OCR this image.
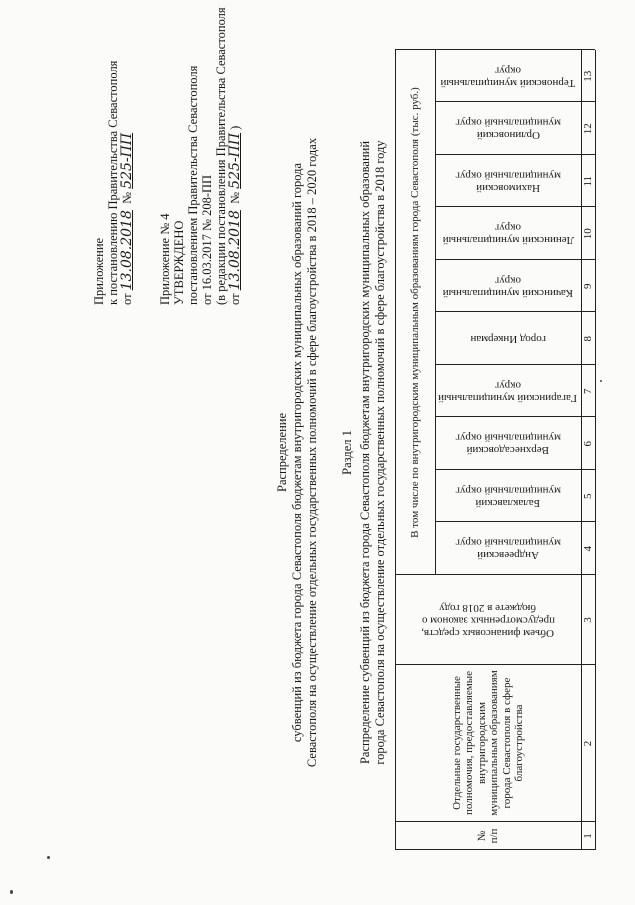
Приложение к постановлению Правительства Севастополя от 13.08.2018  № 525-ПП
Приложение № 4 УТВЕРЖДЕНО постановлением Правительства Севастополя от 16.03.2017 № 208-ПП (в редакции постановления Правительства Севастополя от 13.08.2018  № 525-ПП )
Распределение субвенций из бюджета города Севастополя бюджетам внутригородских муниципальных образований города Севастополя на осуществление отдельных государственных полномочий в сфере благоустройства в 2018 – 2020 годах Раздел 1 Распределение субвенций из бюджета города Севастополя бюджетам внутригородских муниципальных образований города Севастополя на осуществление отдельных государственных полномочий в сфере благоустройства в 2018 году
№
п/п
Отдельные государственные полномочия, предоставляемые внутригородским муниципальным образованиям города Севастополя в сфере благоустройства
Объем финансовых средств, предусмотренных законом о бюджете в 2018 году
В том числе по внутригородским муниципальным образованиям города Севастополя (тыс. руб.)
Андреевский муниципальный округ
Балаклавский муниципальный округ
Верхнесадовский муниципальный округ
Гагаринский муниципальный округ
город Инкерман
Качинский муниципальный округ
Ленинский муниципальный округ
Нахимовский муниципальный округ
Орлиновский муниципальный округ
Терновский муниципальный округ
1
2
3
4
5
6
7
8
9
10
11
12
13
